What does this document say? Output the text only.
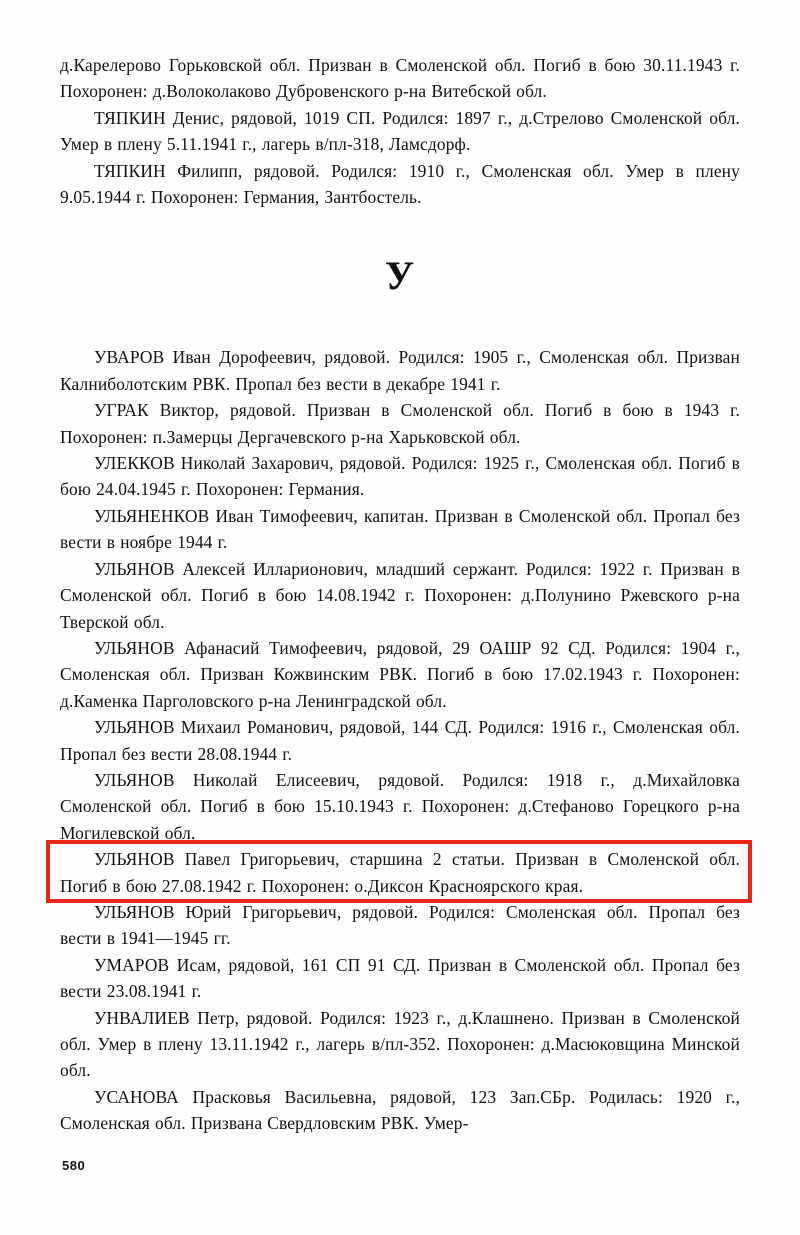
д.Карелерово Горьковской обл. Призван в Смоленской обл. Погиб в бою 30.11.1943 г. Похоронен: д.Волоколаково Дубровенского р-на Витебской обл.

ТЯПКИН Денис, рядовой, 1019 СП. Родился: 1897 г., д.Стрелово Смоленской обл. Умер в плену 5.11.1941 г., лагерь в/пл-318, Ламсдорф.

ТЯПКИН Филипп, рядовой. Родился: 1910 г., Смоленская обл. Умер в плену 9.05.1944 г. Похоронен: Германия, Зантбостель.

У

УВАРОВ Иван Дорофеевич, рядовой. Родился: 1905 г., Смоленская обл. Призван Калниболотским РВК. Пропал без вести в декабре 1941 г.

УГРАК Виктор, рядовой. Призван в Смоленской обл. Погиб в бою в 1943 г. Похоронен: п.Замерцы Дергачевского р-на Харьковской обл.

УЛЕККОВ Николай Захарович, рядовой. Родился: 1925 г., Смоленская обл. Погиб в бою 24.04.1945 г. Похоронен: Германия.

УЛЬЯНЕНКОВ Иван Тимофеевич, капитан. Призван в Смоленской обл. Пропал без вести в ноябре 1944 г.

УЛЬЯНОВ Алексей Илларионович, младший сержант. Родилcя: 1922 г. Призван в Смоленской обл. Погиб в бою 14.08.1942 г. Похоронен: д.Полунино Ржевского р-на Тверской обл.

УЛЬЯНОВ Афанасий Тимофеевич, рядовой, 29 ОАШР 92 СД. Родился: 1904 г., Смоленская обл. Призван Кожвинским РВК. Погиб в бою 17.02.1943 г. Похоронен: д.Каменка Парголовского р-на Ленинградской обл.

УЛЬЯНОВ Михаил Романович, рядовой, 144 СД. Родился: 1916 г., Смоленская обл. Пропал без вести 28.08.1944 г.

УЛЬЯНОВ Николай Елисеевич, рядовой. Родился: 1918 г., д.Михайловка Смоленской обл. Погиб в бою 15.10.1943 г. Похоронен: д.Стефаново Горецкого р-на Могилевской обл.

УЛЬЯНОВ Павел Григорьевич, старшина 2 статьи. Призван в Смоленской обл. Погиб в бою 27.08.1942 г. Похоронен: о.Диксон Красноярского края.

УЛЬЯНОВ Юрий Григорьевич, рядовой. Родился: Смоленская обл. Пропал без вести в 1941—1945 гг.

УМАРОВ Исам, рядовой, 161 СП 91 СД. Призван в Смоленской обл. Пропал без вести 23.08.1941 г.

УНВАЛИЕВ Петр, рядовой. Родился: 1923 г., д.Клашнено. Призван в Смоленской обл. Умер в плену 13.11.1942 г., лагерь в/пл-352. Похоронен: д.Масюковщина Минской обл.

УСАНОВА Прасковья Васильевна, рядовой, 123 Зап.СБр. Родилась: 1920 г., Смоленская обл. Призвана Свердловским РВК. Умер-

580
